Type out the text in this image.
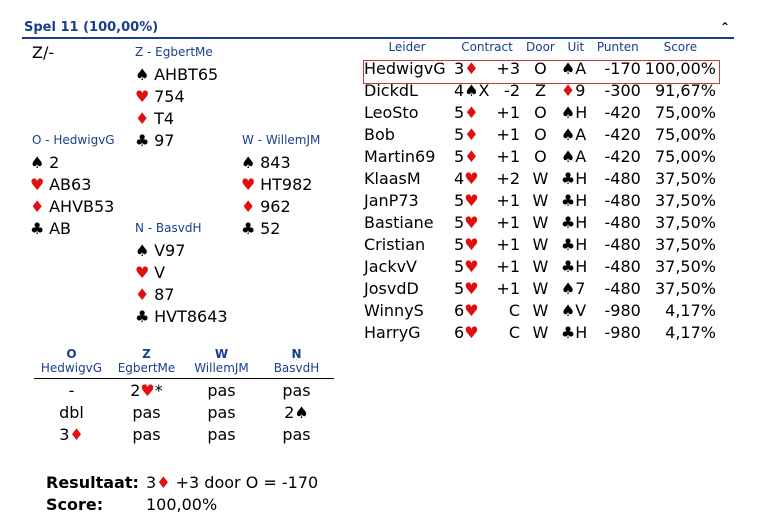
Spel 11 (100,00%)	⌃
Z/-	Z - EgbertMe
♠ AHBT65
♥ 754
♦ T4
♣ 97
O - HedwigvG
♠ 2
♥ AB63
♦ AHVB53
♣ AB
W - WillemJM
♠ 843
♥ HT982
♦ 962
♣ 52
N - BasvdH
♠ V97
♥ V
♦ 87
♣ HVT8643
Leider	Contract		Door	Uit	Punten	Score
HedwigvG	3♦	+3	O	♠A	-170	100,00%
DickdL	4♠X	-2	Z	♦9	-300	91,67%
LeoSto	5♦	+1	O	♠H	-420	75,00%
Bob	5♦	+1	O	♠A	-420	75,00%
Martin69	5♦	+1	O	♠A	-420	75,00%
KlaasM	4♥	+2	W	♣H	-480	37,50%
JanP73	5♥	+1	W	♣H	-480	37,50%
Bastiane	5♥	+1	W	♣H	-480	37,50%
Cristian	5♥	+1	W	♣H	-480	37,50%
JackvV	5♥	+1	W	♣H	-480	37,50%
JosvdD	5♥	+1	W	♠7	-480	37,50%
WinnyS	6♥	C	W	♠V	-980	4,17%
HarryG	6♥	C	W	♣H	-980	4,17%
O	Z	W	N
HedwigvG	EgbertMe	WillemJM	BasvdH
-	2♥*	pas	pas
dbl	pas	pas	2♠
3♦	pas	pas	pas
Resultaat: 3♦ +3 door O = -170
Score:	100,00%
